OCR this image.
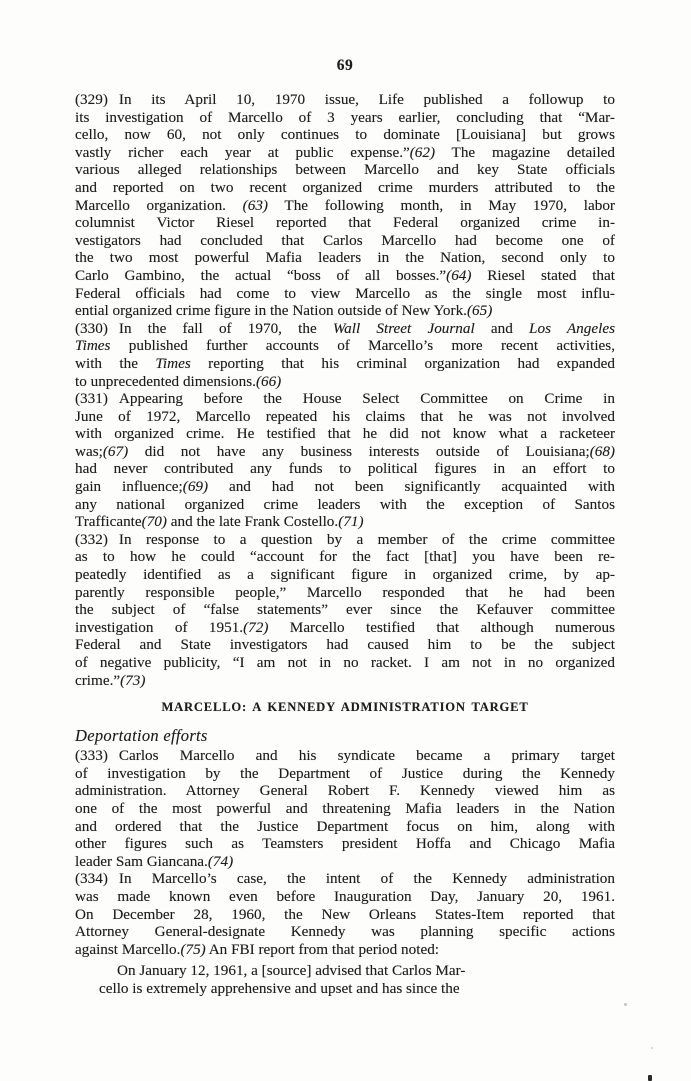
69
(329) In its April 10, 1970 issue, Life published a followup to
its investigation of Marcello of 3 years earlier, concluding that “Mar-
cello, now 60, not only continues to dominate [Louisiana] but grows
vastly richer each year at public expense.”(62) The magazine detailed
various alleged relationships between Marcello and key State officials
and reported on two recent organized crime murders attributed to the
Marcello organization. (63) The following month, in May 1970, labor
columnist Victor Riesel reported that Federal organized crime in-
vestigators had concluded that Carlos Marcello had become one of
the two most powerful Mafia leaders in the Nation, second only to
Carlo Gambino, the actual “boss of all bosses.”(64) Riesel stated that
Federal officials had come to view Marcello as the single most influ-
ential organized crime figure in the Nation outside of New York.(65)
(330) In the fall of 1970, the Wall Street Journal and Los Angeles
Times published further accounts of Marcello’s more recent activities,
with the Times reporting that his criminal organization had expanded
to unprecedented dimensions.(66)
(331) Appearing before the House Select Committee on Crime in
June of 1972, Marcello repeated his claims that he was not involved
with organized crime. He testified that he did not know what a racketeer
was;(67) did not have any business interests outside of Louisiana;(68)
had never contributed any funds to political figures in an effort to
gain influence;(69) and had not been significantly acquainted with
any national organized crime leaders with the exception of Santos
Trafficante(70) and the late Frank Costello.(71)
(332) In response to a question by a member of the crime committee
as to how he could “account for the fact [that] you have been re-
peatedly identified as a significant figure in organized crime, by ap-
parently responsible people,” Marcello responded that he had been
the subject of “false statements” ever since the Kefauver committee
investigation of 1951.(72) Marcello testified that although numerous
Federal and State investigators had caused him to be the subject
of negative publicity, “I am not in no racket. I am not in no organized
crime.”(73)
MARCELLO: A KENNEDY ADMINISTRATION TARGET
Deportation efforts
(333) Carlos Marcello and his syndicate became a primary target
of investigation by the Department of Justice during the Kennedy
administration. Attorney General Robert F. Kennedy viewed him as
one of the most powerful and threatening Mafia leaders in the Nation
and ordered that the Justice Department focus on him, along with
other figures such as Teamsters president Hoffa and Chicago Mafia
leader Sam Giancana.(74)
(334) In Marcello’s case, the intent of the Kennedy administration
was made known even before Inauguration Day, January 20, 1961.
On December 28, 1960, the New Orleans States-Item reported that
Attorney General-designate Kennedy was planning specific actions
against Marcello.(75) An FBI report from that period noted:
On January 12, 1961, a [source] advised that Carlos Mar-
cello is extremely apprehensive and upset and has since the
